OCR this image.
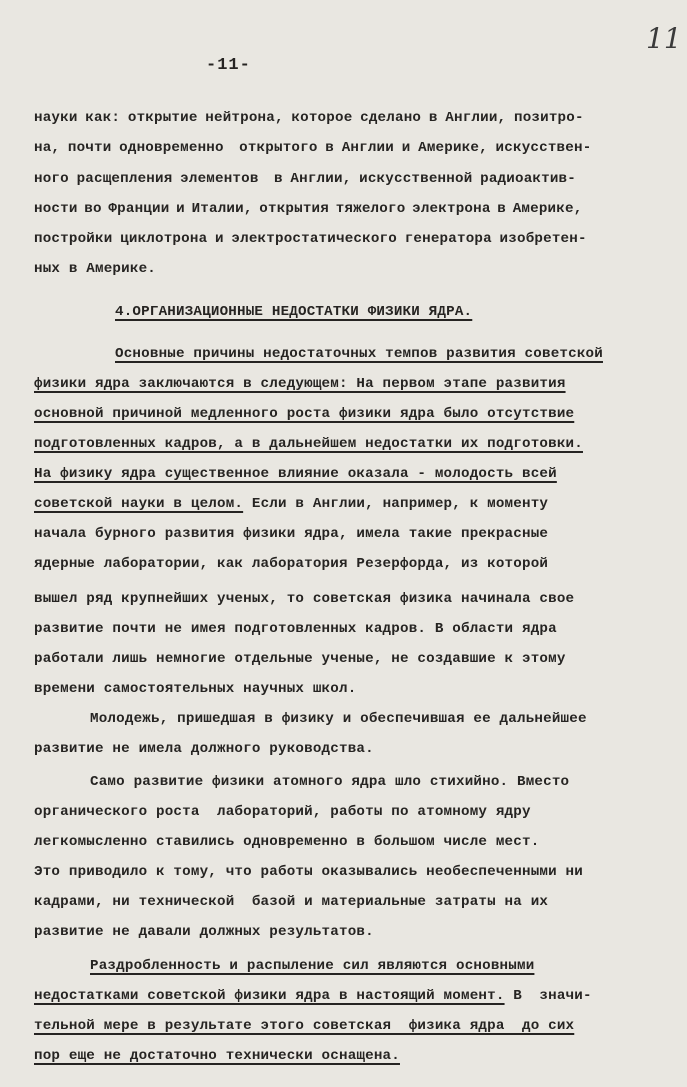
-11-
11
науки как: открытие нейтрона, которое сделано в Англии, позитро-
на, почти одновременно  открытого в Англии и Америке, искусствен-
ного расщепления элементов  в Англии, искусственной радиоактив-
ности во Франции и Италии, открытия тяжелого электрона в Америке,
постройки циклотрона и электростатического генератора изобретен-
ных в Америке.
4.ОРГАНИЗАЦИОННЫЕ НЕДОСТАТКИ ФИЗИКИ ЯДРА.
Основные причины недостаточных темпов развития советской
физики ядра заключаются в следующем: На первом этапе развития
основной причиной медленного роста физики ядра было отсутствие
подготовленных кадров, а в дальнейшем недостатки их подготовки.
На физику ядра существенное влияние оказала - молодость всей
советской науки в целом. Если в Англии, например, к моменту
начала бурного развития физики ядра, имела такие прекрасные
ядерные лаборатории, как лаборатория Резерфорда, из которой
вышел ряд крупнейших ученых, то советская физика начинала свое
развитие почти не имея подготовленных кадров. В области ядра
работали лишь немногие отдельные ученые, не создавшие к этому
времени самостоятельных научных школ.
Молодежь, пришедшая в физику и обеспечившая ее дальнейшее
развитие не имела должного руководства.
Само развитие физики атомного ядра шло стихийно. Вместо
органического роста  лабораторий, работы по атомному ядру
легкомысленно ставились одновременно в большом числе мест.
Это приводило к тому, что работы оказывались необеспеченными ни
кадрами, ни технической  базой и материальные затраты на их
развитие не давали должных результатов.
Раздробленность и распыление сил являются основными
недостатками советской физики ядра в настоящий момент. В  значи-
тельной мере в результате этого советская  физика ядра  до сих
пор еще не достаточно технически оснащена.
